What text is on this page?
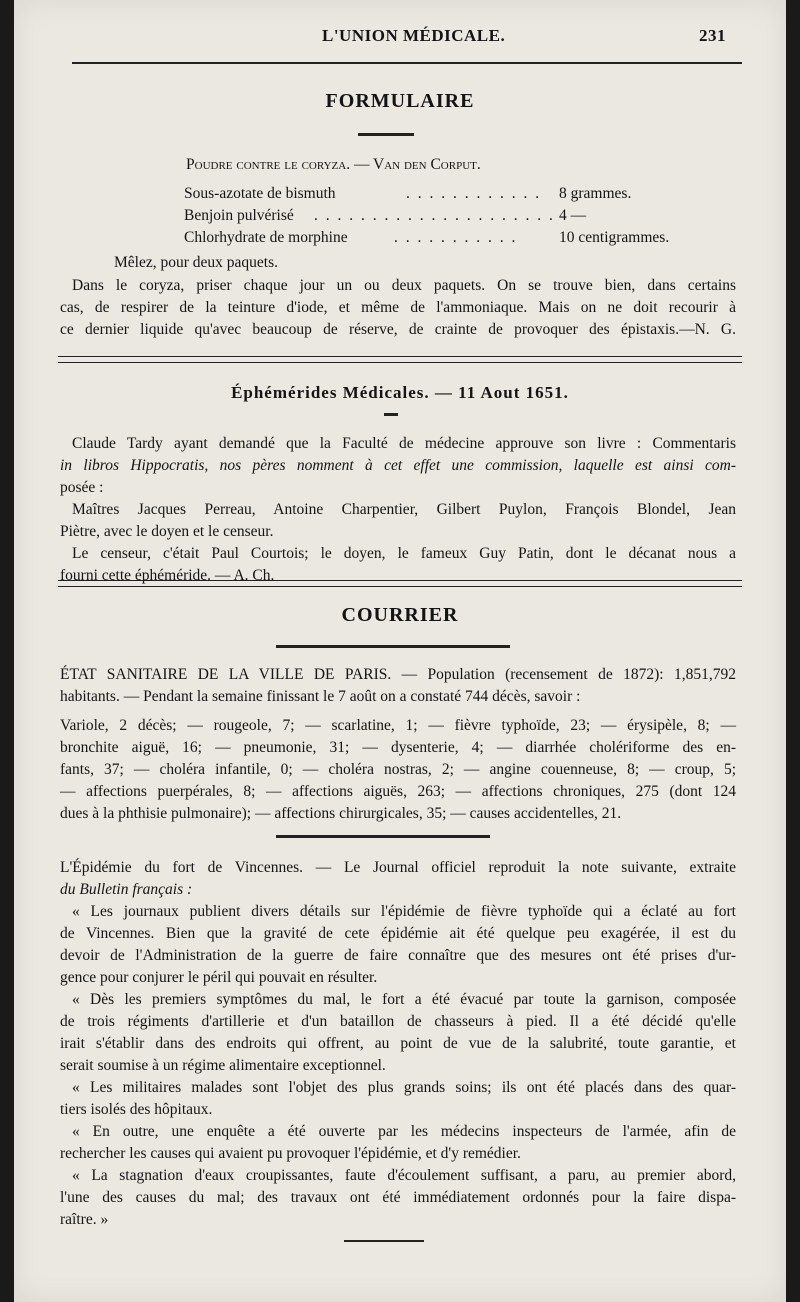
L'UNION MÉDICALE.	231
FORMULAIRE
Poudre contre le coryza. — Van den Corput.
Sous-azotate de bismuth	. . . . . . . . . . . . 8 grammes.
Benjoin pulvérisé . . . . . . . . . . . . . . . . . . . . . 4 —
Chlorhydrate de morphine	. . . . . . . . . . .	10 centigrammes.
Mêlez, pour deux paquets.
Dans le coryza, priser chaque jour un ou deux paquets. On se trouve bien, dans certains
cas, de respirer de la teinture d'iode, et même de l'ammoniaque. Mais on ne doit recourir à
ce dernier liquide qu'avec beaucoup de réserve, de crainte de provoquer des épistaxis.—N. G.
Éphémérides Médicales. — 11 Aout 1651.
Claude Tardy ayant demandé que la Faculté de médecine approuve son livre : Commentaris
in libros Hippocratis, nos pères nomment à cet effet une commission, laquelle est ainsi com-
posée :
Maîtres Jacques Perreau, Antoine Charpentier, Gilbert Puylon, François Blondel, Jean
Piètre, avec le doyen et le censeur.
Le censeur, c'était Paul Courtois; le doyen, le fameux Guy Patin, dont le décanat nous a
fourni cette éphéméride. — A. Ch.
COURRIER
ÉTAT SANITAIRE DE LA VILLE DE PARIS. — Population (recensement de 1872): 1,851,792
habitants. — Pendant la semaine finissant le 7 août on a constaté 744 décès, savoir :
Variole, 2 décès; — rougeole, 7; — scarlatine, 1; — fièvre typhoïde, 23; — érysipèle, 8; —
bronchite aiguë, 16; — pneumonie, 31; — dysenterie, 4; — diarrhée cholériforme des en-
fants, 37; — choléra infantile, 0; — choléra nostras, 2; — angine couenneuse, 8; — croup, 5;
— affections puerpérales, 8; — affections aiguës, 263; — affections chroniques, 275 (dont 124
dues à la phthisie pulmonaire); — affections chirurgicales, 35; — causes accidentelles, 21.
L'Épidémie du fort de Vincennes. — Le Journal officiel reproduit la note suivante, extraite
du Bulletin français :
« Les journaux publient divers détails sur l'épidémie de fièvre typhoïde qui a éclaté au fort
de Vincennes. Bien que la gravité de cete épidémie ait été quelque peu exagérée, il est du
devoir de l'Administration de la guerre de faire connaître que des mesures ont été prises d'ur-
gence pour conjurer le péril qui pouvait en résulter.
« Dès les premiers symptômes du mal, le fort a été évacué par toute la garnison, composée
de trois régiments d'artillerie et d'un bataillon de chasseurs à pied. Il a été décidé qu'elle
irait s'établir dans des endroits qui offrent, au point de vue de la salubrité, toute garantie, et
serait soumise à un régime alimentaire exceptionnel.
« Les militaires malades sont l'objet des plus grands soins; ils ont été placés dans des quar-
tiers isolés des hôpitaux.
« En outre, une enquête a été ouverte par les médecins inspecteurs de l'armée, afin de
rechercher les causes qui avaient pu provoquer l'épidémie, et d'y remédier.
« La stagnation d'eaux croupissantes, faute d'écoulement suffisant, a paru, au premier abord,
l'une des causes du mal; des travaux ont été immédiatement ordonnés pour la faire dispa-
raître. »
